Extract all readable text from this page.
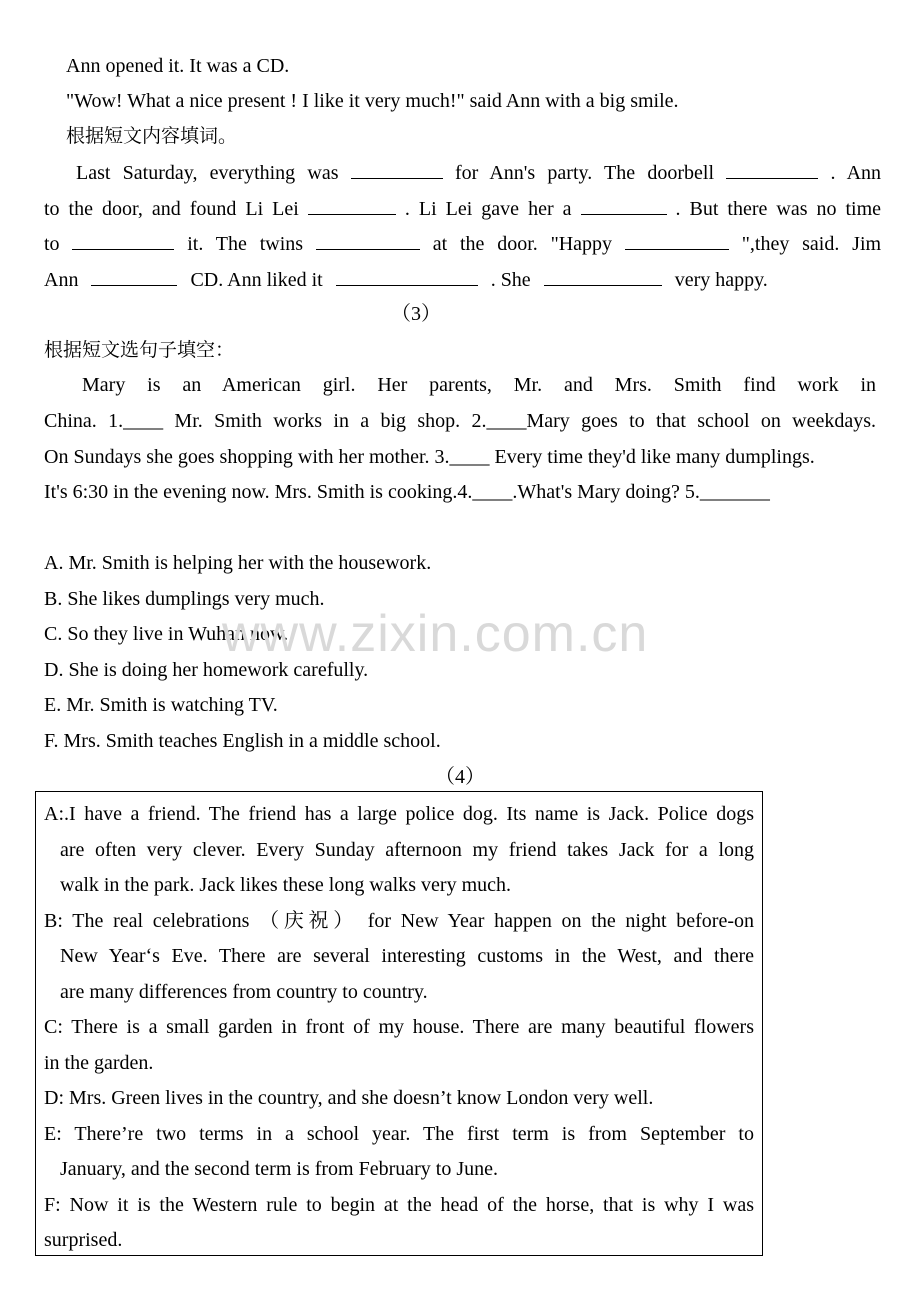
Ann opened it. It was a CD.
"Wow! What a nice present ! I like it very much!" said Ann with a big smile.
根据短文内容填词。
Last Saturday, everything was	for Ann's party. The doorbell	. Ann
to the door, and found Li Lei	. Li Lei gave her a	. But there was no time
to	it. The twins	at the door. "Happy	",they said. Jim
Ann	CD. Ann liked it	. She	very happy.
（3）
根据短文选句子填空：
Mary is an American girl. Her parents, Mr. and Mrs. Smith find work in
China. 1.____ Mr. Smith works in a big shop. 2.____Mary goes to that school on weekdays.
On Sundays she goes shopping with her mother. 3.____ Every time they'd like many dumplings.
It's 6:30 in the evening now. Mrs. Smith is cooking.4.____.What's Mary doing? 5._______
A. Mr. Smith is helping her with the housework.
B. She likes dumplings very much.
C. So they live in Wuhan now.
D. She is doing her homework carefully.
E. Mr. Smith is watching TV.
F. Mrs. Smith teaches English in a middle school.
www.zixin.com.cn
（4）
A:.I have a friend. The friend has a large police dog. Its name is Jack. Police dogs
are often very clever. Every Sunday afternoon my friend takes Jack for a long
walk in the park. Jack likes these long walks very much.
B: The real celebrations （庆祝） for New Year happen on the night before-on
New Year‘s Eve. There are several interesting customs in the West, and there
are many differences from country to country.
C: There is a small garden in front of my house. There are many beautiful flowers
in the garden.
D: Mrs. Green lives in the country, and she doesn’t know London very well.
E: There’re two terms in a school year. The first term is from September to
January, and the second term is from February to June.
F: Now it is the Western rule to begin at the head of the horse, that is why I was
surprised.
